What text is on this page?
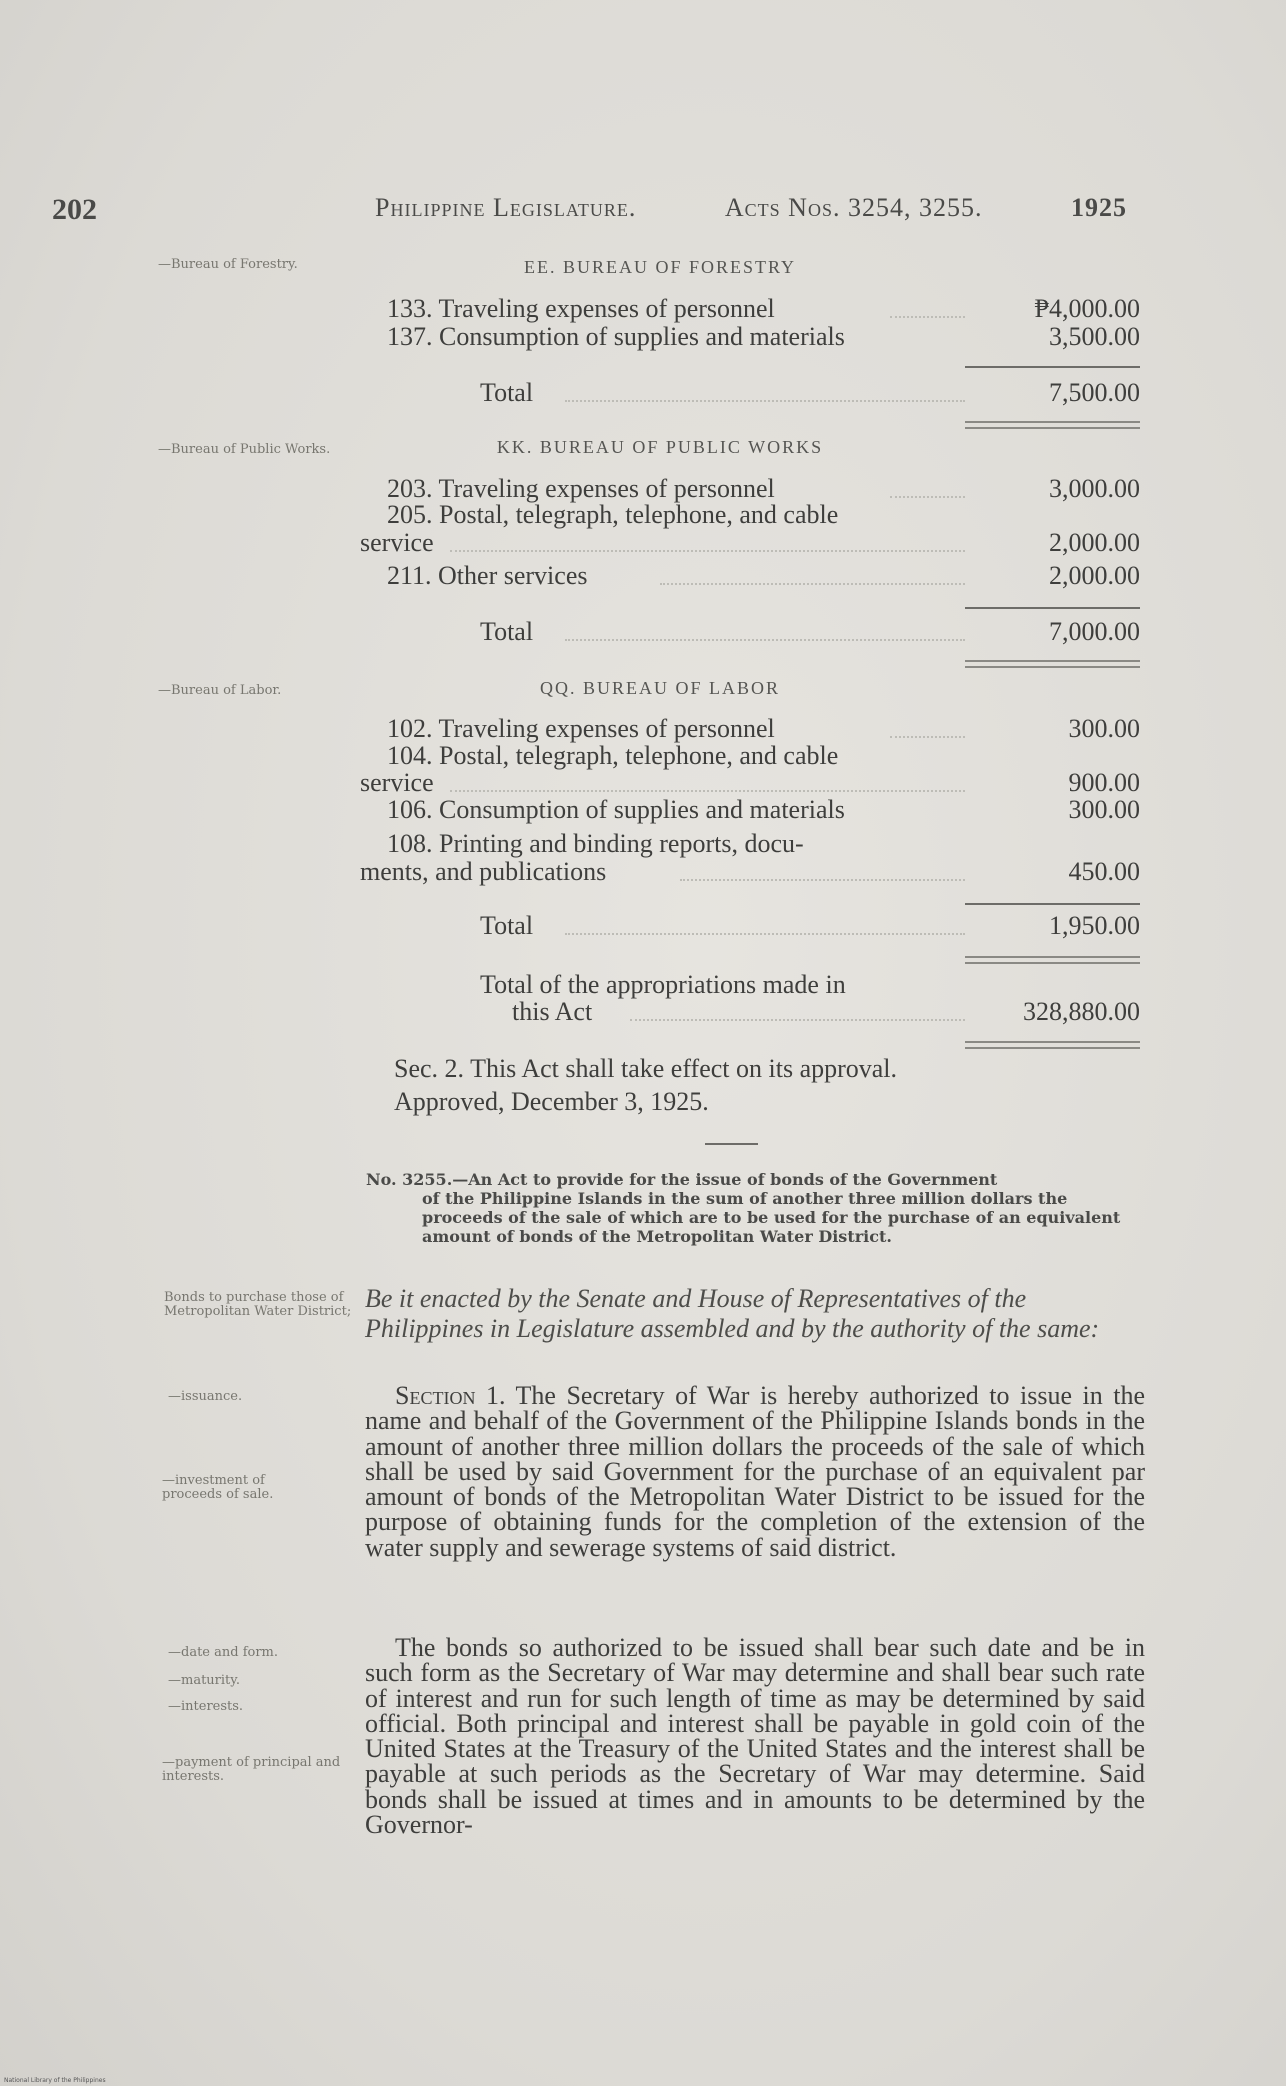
202	Philippine Legislature.	Acts Nos. 3254, 3255.	1925
—Bureau of Forestry.
—Bureau of Public Works.
—Bureau of Labor.
Bonds to purchase those of Metropolitan Water District;
—issuance.
—investment of proceeds of sale.
—date and form.
—maturity.
—interests.
—payment of principal and interests.
EE. BUREAU OF FORESTRY
133. Traveling expenses of personnel	₱4,000.00
137. Consumption of supplies and materials	3,500.00
Total	7,500.00
KK. BUREAU OF PUBLIC WORKS
203. Traveling expenses of personnel	3,000.00
205. Postal, telegraph, telephone, and cable
service	2,000.00
211. Other services	2,000.00
Total	7,000.00
QQ. BUREAU OF LABOR
102. Traveling expenses of personnel	300.00
104. Postal, telegraph, telephone, and cable
service	900.00
106. Consumption of supplies and materials	300.00
108. Printing and binding reports, docu-
ments, and publications	450.00
Total	1,950.00
Total of the appropriations made in
this Act	328,880.00
Sec. 2. This Act shall take effect on its approval.
Approved, December 3, 1925.
No. 3255.—An Act to provide for the issue of bonds of the Government
of the Philippine Islands in the sum of another three million dollars the proceeds of the sale of which are to be used for the purchase of an equivalent amount of bonds of the Metropolitan Water District.
Be it enacted by the Senate and House of Representatives of the Philippines in Legislature assembled and by the authority of the same:
Section 1. The Secretary of War is hereby authorized to issue in the name and behalf of the Government of the Philippine Islands bonds in the amount of another three million dollars the proceeds of the sale of which shall be used by said Government for the purchase of an equivalent par amount of bonds of the Metropolitan Water District to be issued for the purpose of obtaining funds for the completion of the extension of the water supply and sewerage systems of said district.
The bonds so authorized to be issued shall bear such date and be in such form as the Secretary of War may determine and shall bear such rate of interest and run for such length of time as may be determined by said official. Both principal and interest shall be payable in gold coin of the United States at the Treasury of the United States and the interest shall be payable at such periods as the Secretary of War may determine. Said bonds shall be issued at times and in amounts to be determined by the Governor-
National Library of the Philippines
